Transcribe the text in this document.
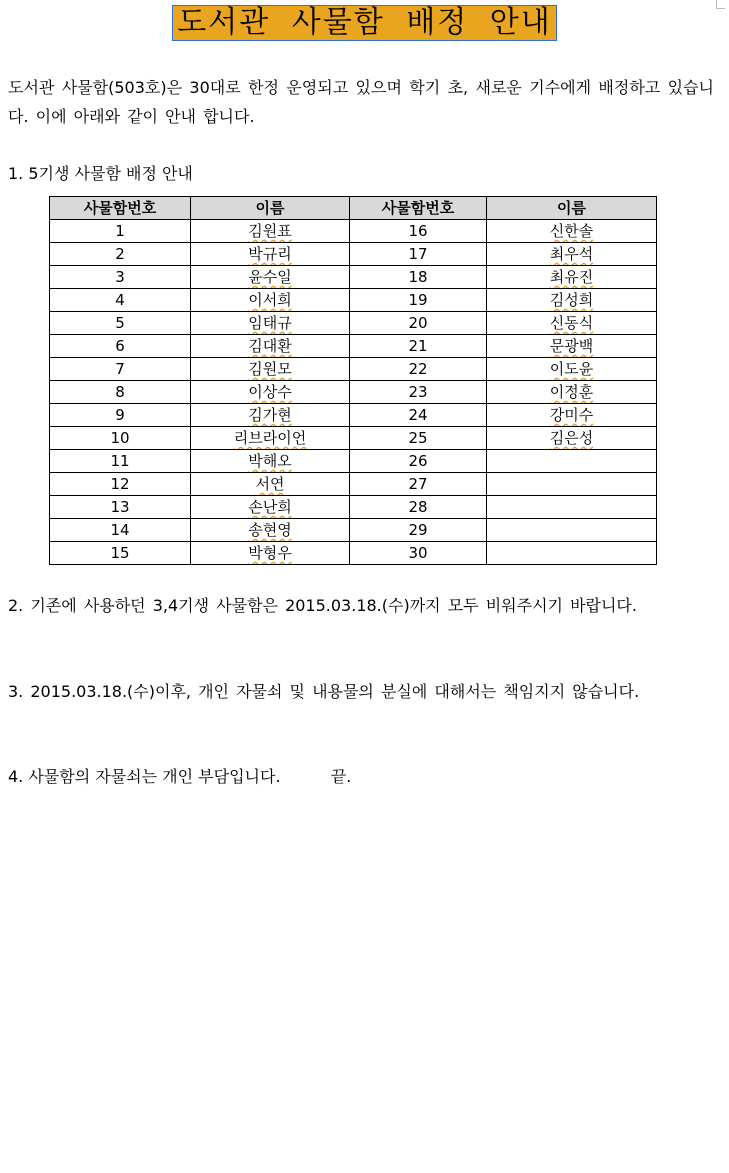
도서관 사물함 배정 안내
도서관 사물함(503호)은 30대로 한정 운영되고 있으며 학기 초, 새로운 기수에게 배정하고 있습니다. 이에 아래와 같이 안내 합니다.
1. 5기생 사물함 배정 안내
사물함번호	이름	사물함번호	이름
1	김원표	16	신한솔
2	박규리	17	최우석
3	윤수일	18	최유진
4	이서희	19	김성희
5	임태규	20	신동식
6	김대환	21	문광백
7	김원모	22	이도윤
8	이상수	23	이정훈
9	김가현	24	강미수
10	리브라이언	25	김은성
11	박해오	26	
12	서연	27	
13	손난희	28	
14	송현영	29	
15	박형우	30	
2. 기존에 사용하던 3,4기생 사물함은 2015.03.18.(수)까지 모두 비워주시기 바랍니다.
3. 2015.03.18.(수)이후, 개인 자물쇠 및 내용물의 분실에 대해서는 책임지지 않습니다.
4. 사물함의 자물쇠는 개인 부담입니다.	끝.
